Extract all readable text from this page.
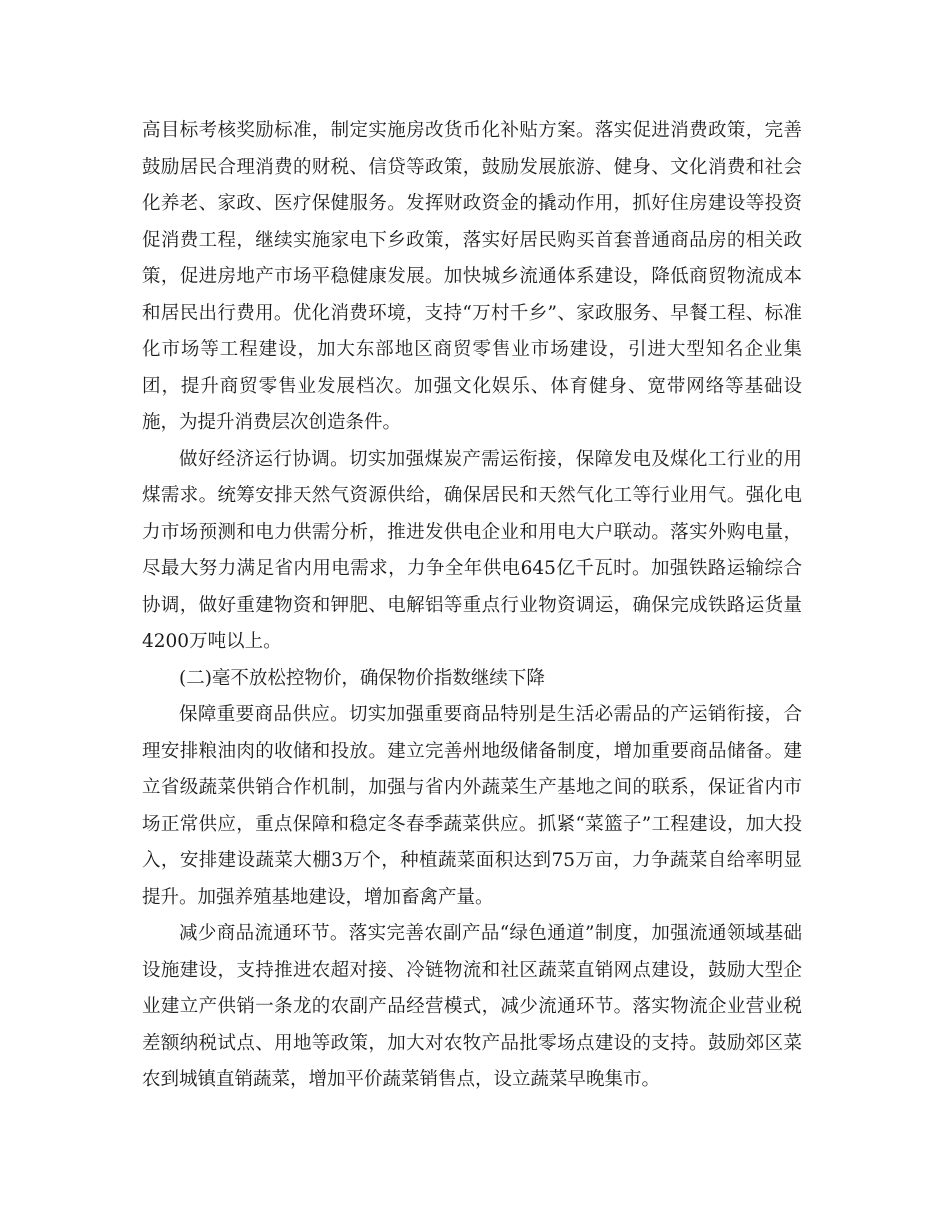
高目标考核奖励标准，制定实施房改货币化补贴方案。落实促进消费政策，完善鼓励居民合理消费的财税、信贷等政策，鼓励发展旅游、健身、文化消费和社会化养老、家政、医疗保健服务。发挥财政资金的撬动作用，抓好住房建设等投资促消费工程，继续实施家电下乡政策，落实好居民购买首套普通商品房的相关政策，促进房地产市场平稳健康发展。加快城乡流通体系建设，降低商贸物流成本和居民出行费用。优化消费环境，支持“万村千乡”、家政服务、早餐工程、标准化市场等工程建设，加大东部地区商贸零售业市场建设，引进大型知名企业集团，提升商贸零售业发展档次。加强文化娱乐、体育健身、宽带网络等基础设施，为提升消费层次创造条件。

做好经济运行协调。切实加强煤炭产需运衔接，保障发电及煤化工行业的用煤需求。统筹安排天然气资源供给，确保居民和天然气化工等行业用气。强化电力市场预测和电力供需分析，推进发供电企业和用电大户联动。落实外购电量，尽最大努力满足省内用电需求，力争全年供电645亿千瓦时。加强铁路运输综合协调，做好重建物资和钾肥、电解铝等重点行业物资调运，确保完成铁路运货量4200万吨以上。

(二)毫不放松控物价，确保物价指数继续下降

保障重要商品供应。切实加强重要商品特别是生活必需品的产运销衔接，合理安排粮油肉的收储和投放。建立完善州地级储备制度，增加重要商品储备。建立省级蔬菜供销合作机制，加强与省内外蔬菜生产基地之间的联系，保证省内市场正常供应，重点保障和稳定冬春季蔬菜供应。抓紧“菜篮子”工程建设，加大投入，安排建设蔬菜大棚3万个，种植蔬菜面积达到75万亩，力争蔬菜自给率明显提升。加强养殖基地建设，增加畜禽产量。

减少商品流通环节。落实完善农副产品“绿色通道”制度，加强流通领域基础设施建设，支持推进农超对接、冷链物流和社区蔬菜直销网点建设，鼓励大型企业建立产供销一条龙的农副产品经营模式，减少流通环节。落实物流企业营业税差额纳税试点、用地等政策，加大对农牧产品批零场点建设的支持。鼓励郊区菜农到城镇直销蔬菜，增加平价蔬菜销售点，设立蔬菜早晚集市。
